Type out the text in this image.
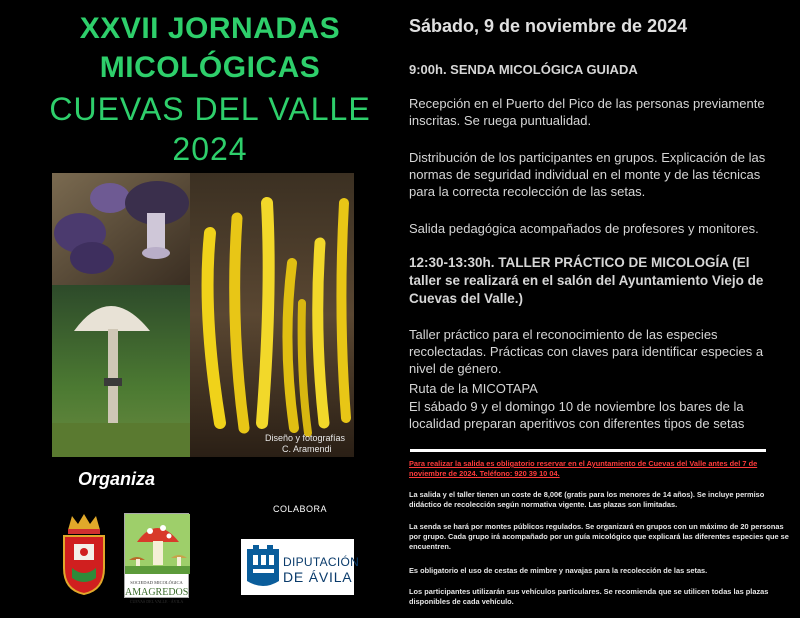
XXVII JORNADAS
MICOLÓGICAS
CUEVAS DEL VALLE
2024
Diseño y fotografías
C. Aramendi
Organiza
COLABORA
SOCIEDAD MICOLÓGICA
AMAGREDOS
CUEVAS DEL VALLE · ÁVILA
DIPUTACIÓN
DE ÁVILA
Sábado, 9 de noviembre de 2024
9:00h. SENDA MICOLÓGICA GUIADA
Recepción en el Puerto del Pico de las personas previamente inscritas. Se ruega puntualidad.
Distribución de los participantes en grupos. Explicación de las normas de seguridad individual en el monte y de las técnicas para la correcta recolección de las setas.
Salida pedagógica acompañados de profesores y monitores.
12:30-13:30h. TALLER PRÁCTICO DE MICOLOGÍA (El taller se realizará en el salón del Ayuntamiento Viejo de Cuevas del Valle.)
Taller práctico para el reconocimiento de las especies recolectadas. Prácticas con claves para identificar especies a nivel de género.
Ruta de la MICOTAPA
El sábado 9 y el domingo 10 de noviembre los bares de la localidad preparan aperitivos con diferentes tipos de setas
Para realizar la salida es obligatorio reservar en el Ayuntamiento de Cuevas del Valle antes del 7 de noviembre de 2024. Teléfono: 920 39 10 04.
La salida y el taller tienen un coste de 8,00€ (gratis para los menores de 14 años). Se incluye permiso didáctico de recolección según normativa vigente. Las plazas son limitadas.
La senda se hará por montes públicos regulados. Se organizará en grupos con un máximo de 20 personas por grupo. Cada grupo irá acompañado por un guía micológico que explicará las diferentes especies que se encuentren.
Es obligatorio el uso de cestas de mimbre y navajas para la recolección de las setas.
Los participantes utilizarán sus vehículos particulares. Se recomienda que se utilicen todas las plazas disponibles de cada vehículo.
